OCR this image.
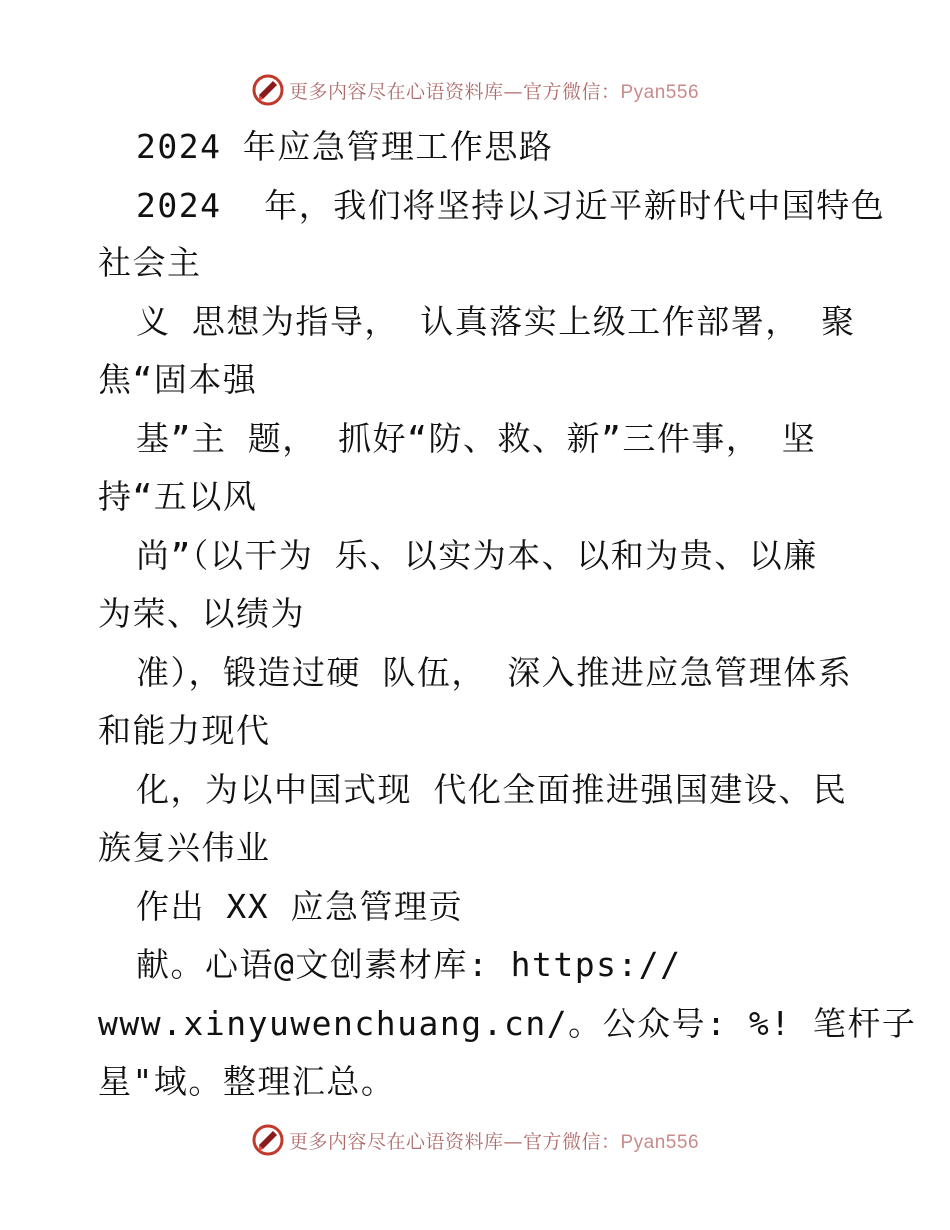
更多内容尽在心语资料库—官方微信：Pyan556
2024 年应急管理工作思路
2024  年，我们将坚持以习近平新时代中国特色
社会主
义 思想为指导， 认真落实上级工作部署， 聚
焦“固本强
基”主 题， 抓好“防、救、新”三件事， 坚
持“五以风
尚”（以干为 乐、以实为本、以和为贵、以廉
为荣、以绩为
准），锻造过硬 队伍， 深入推进应急管理体系
和能力现代
化，为以中国式现 代化全面推进强国建设、民
族复兴伟业
作出 XX 应急管理贡
献。心语@文创素材库: https://
www.xinyuwenchuang.cn/。公众号: %! 笔杆子
星"域。整理汇总。
更多内容尽在心语资料库—官方微信：Pyan556
